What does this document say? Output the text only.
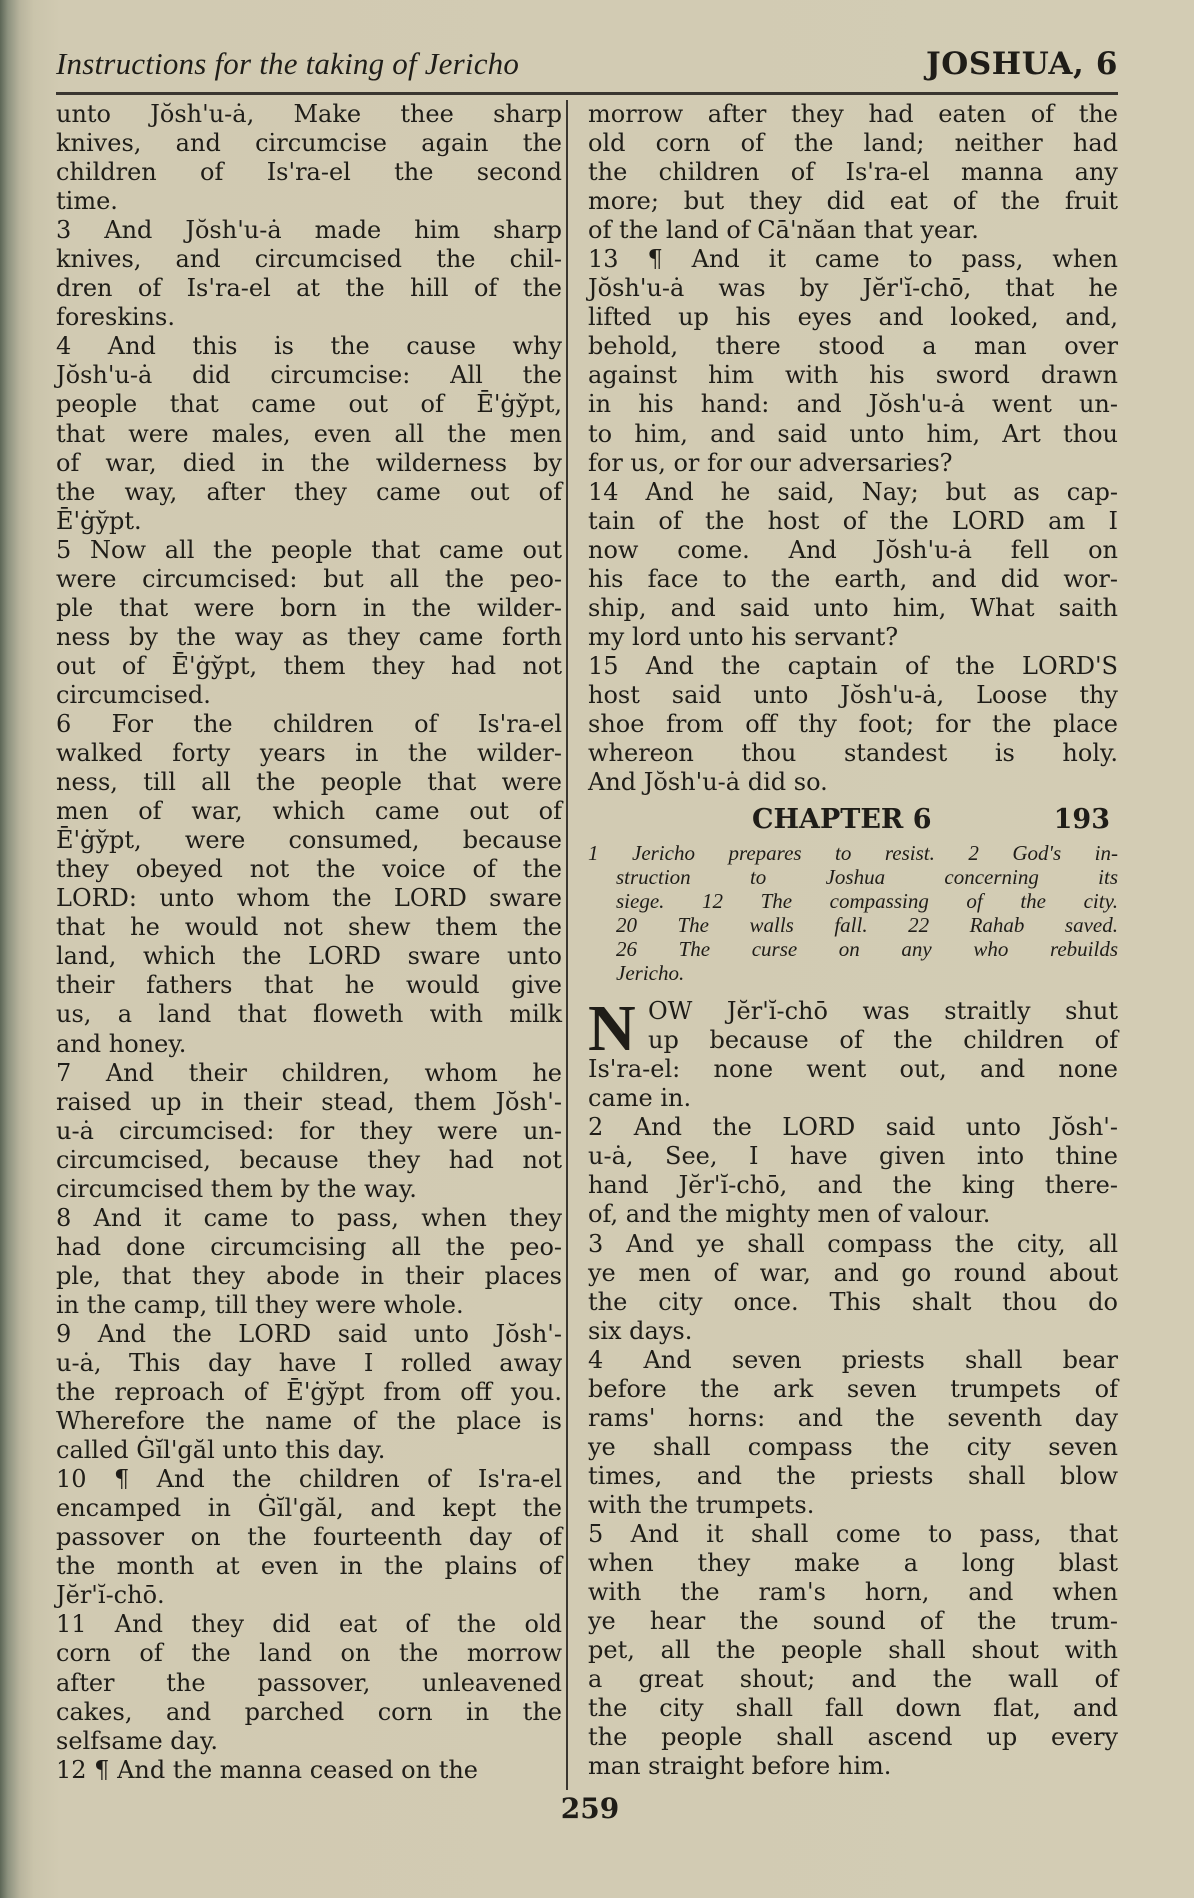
Instructions for the taking of Jericho	JOSHUA, 6
unto Jŏsh'u-ȧ, Make thee sharp
knives, and circumcise again the
children of Is'ra-el the second
time.
3 And Jŏsh'u-ȧ made him sharp
knives, and circumcised the chil-
dren of Is'ra-el at the hill of the
foreskins.
4 And this is the cause why
Jŏsh'u-ȧ did circumcise: All the
people that came out of Ē'ġy̆pt,
that were males, even all the men
of war, died in the wilderness by
the way, after they came out of
Ē'ġy̆pt.
5 Now all the people that came out
were circumcised: but all the peo-
ple that were born in the wilder-
ness by the way as they came forth
out of Ē'ġy̆pt, them they had not
circumcised.
6 For the children of Is'ra-el
walked forty years in the wilder-
ness, till all the people that were
men of war, which came out of
Ē'ġy̆pt, were consumed, because
they obeyed not the voice of the
LORD: unto whom the LORD sware
that he would not shew them the
land, which the LORD sware unto
their fathers that he would give
us, a land that floweth with milk
and honey.
7 And their children, whom he
raised up in their stead, them Jŏsh'-
u-ȧ circumcised: for they were un-
circumcised, because they had not
circumcised them by the way.
8 And it came to pass, when they
had done circumcising all the peo-
ple, that they abode in their places
in the camp, till they were whole.
9 And the LORD said unto Jŏsh'-
u-ȧ, This day have I rolled away
the reproach of Ē'ġy̆pt from off you.
Wherefore the name of the place is
called Ġĭl'găl unto this day.
10 ¶ And the children of Is'ra-el
encamped in Ġĭl'găl, and kept the
passover on the fourteenth day of
the month at even in the plains of
Jĕr'ĭ-chō.
11 And they did eat of the old
corn of the land on the morrow
after the passover, unleavened
cakes, and parched corn in the
selfsame day.
12 ¶ And the manna ceased on the
morrow after they had eaten of the
old corn of the land; neither had
the children of Is'ra-el manna any
more; but they did eat of the fruit
of the land of Cā'năan that year.
13 ¶ And it came to pass, when
Jŏsh'u-ȧ was by Jĕr'ĭ-chō, that he
lifted up his eyes and looked, and,
behold, there stood a man over
against him with his sword drawn
in his hand: and Jŏsh'u-ȧ went un-
to him, and said unto him, Art thou
for us, or for our adversaries?
14 And he said, Nay; but as cap-
tain of the host of the LORD am I
now come. And Jŏsh'u-ȧ fell on
his face to the earth, and did wor-
ship, and said unto him, What saith
my lord unto his servant?
15 And the captain of the LORD'S
host said unto Jŏsh'u-ȧ, Loose thy
shoe from off thy foot; for the place
whereon thou standest is holy.
And Jŏsh'u-ȧ did so.
CHAPTER 6	193
1 Jericho prepares to resist. 2 God's in-
struction to Joshua concerning its
siege. 12 The compassing of the city.
20 The walls fall. 22 Rahab saved.
26 The curse on any who rebuilds
Jericho.
N OW Jĕr'ĭ-chō was straitly shut
up because of the children of
Is'ra-el: none went out, and none
came in.
2 And the LORD said unto Jŏsh'-
u-ȧ, See, I have given into thine
hand Jĕr'ĭ-chō, and the king there-
of, and the mighty men of valour.
3 And ye shall compass the city, all
ye men of war, and go round about
the city once. This shalt thou do
six days.
4 And seven priests shall bear
before the ark seven trumpets of
rams' horns: and the seventh day
ye shall compass the city seven
times, and the priests shall blow
with the trumpets.
5 And it shall come to pass, that
when they make a long blast
with the ram's horn, and when
ye hear the sound of the trum-
pet, all the people shall shout with
a great shout; and the wall of
the city shall fall down flat, and
the people shall ascend up every
man straight before him.
259
